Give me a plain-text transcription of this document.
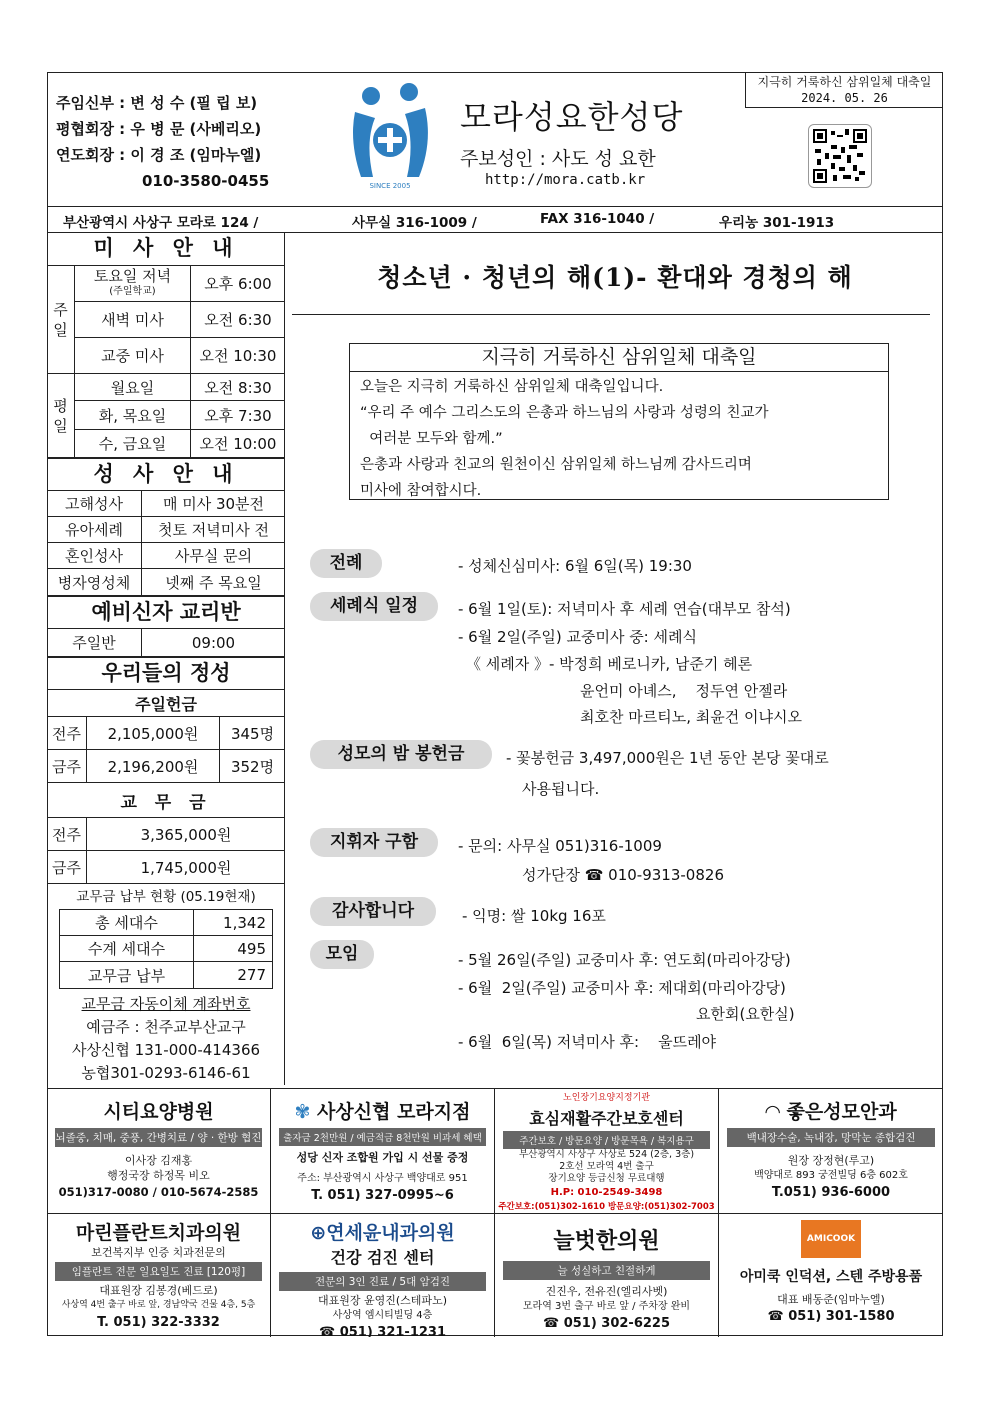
주임신부 : 변 성 수 (필 립 보)
평협회장 : 우 병 문 (사베리오)
연도회장 : 이 경 조 (임마누엘)
010-3580-0455	SINCE 2005
모라성요한성당
주보성인 : 사도 성 요한
http://mora.catb.kr
지극히 거룩하신 삼위일체 대축일
2024. 05. 26
부산광역시 사상구 모라로 124 /	사무실 316-1009 /	FAX 316-1040 /	우리농 301-1913
미 사 안 내
주
일
토요일 저녁
(주일학교)	오후 6:00
새벽 미사	오전 6:30
교중 미사	오전 10:30
평
일
월요일	오전 8:30
화, 목요일	오후 7:30
수, 금요일	오전 10:00
성 사 안 내
고해성사	매 미사 30분전
유아세례	첫토 저녁미사 전
혼인성사	사무실 문의
병자영성체	넷째 주 목요일
예비신자 교리반
주일반	09:00
우리들의 정성
주일헌금
전주	2,105,000원	345명
금주	2,196,200원	352명
교 무 금
전주	3,365,000원
금주	1,745,000원
교무금 납부 현황 (05.19현재)
총 세대수	1,342
수계 세대수	495
교무금 납부	277
교무금 자동이체 계좌번호
예금주 : 천주교부산교구
사상신협 131-000-414366
농협301-0293-6146-61
청소년 · 청년의 해(1)- 환대와 경청의 해
지극히 거룩하신 삼위일체 대축일
오늘은 지극히 거룩하신 삼위일체 대축일입니다.
“우리 주 예수 그리스도의 은총과 하느님의 사랑과 성령의 친교가
여러분 모두와 함께.”
은총과 사랑과 친교의 원천이신 삼위일체 하느님께 감사드리며
미사에 참여합시다.
전례	- 성체신심미사: 6월 6일(목) 19:30
세례식 일정	- 6월 1일(토): 저녁미사 후 세례 연습(대부모 참석)
- 6월 2일(주일) 교중미사 중: 세례식
《 세례자 》- 박정희 베로니카, 남준기 헤론
윤언미 아녜스,    정두연 안젤라
최호찬 마르티노, 최윤건 이냐시오
성모의 밤 봉헌금	- 꽃봉헌금 3,497,000원은 1년 동안 본당 꽃대로
사용됩니다.
지휘자 구함	- 문의: 사무실 051)316-1009
성가단장 ☎ 010-9313-0826
감사합니다	- 익명: 쌀 10kg 16포
모임	- 5월 26일(주일) 교중미사 후: 연도회(마리아강당)
- 6월  2일(주일) 교중미사 후: 제대회(마리아강당)
요한회(요한실)
- 6월  6일(목) 저녁미사 후:    울뜨레야
시티요양병원
뇌졸중, 치매, 중풍, 간병치료 / 양 · 한방 협진
이사장 김재홍
행정국장 하정목 비오
051)317-0080 / 010-5674-2585
✾ 사상신협 모라지점
출자금 2천만원 / 예금적금 8천만원 비과세 혜택
성당 신자 조합원 가입 시 선물 증정
주소: 부산광역시 사상구 백양대로 951
T. 051) 327-0995~6
노인장기요양지정기관
효심재활주간보호센터
주간보호 / 방문요양 / 방문목욕 / 복지용구
부산광역시 사상구 사상로 524 (2층, 3층)
2호선 모라역 4번 출구
장기요양 등급신청 무료대행
H.P: 010-2549-3498
주간보호:(051)302-1610 방문요양:(051)302-7003
◠ 좋은성모안과
백내장수술, 녹내장, 망막눈 종합검진
원장 장정현(루고)
백양대로 893 궁전빌딩 6층 602호
T.051) 936-6000
마린플란트치과의원
보건복지부 인증 치과전문의
임플란트 전문 일요일도 진료 [120평]
대표원장 김봉경(베드로)
사상역 4번 출구 바로 앞, 경남약국 건물 4층, 5층
T. 051) 322-3332
⊕연세윤내과의원
건강 검진 센터
전문의 3인 진료 / 5대 암검진
대표원장 윤영진(스테파노)
사상역 엠시티빌딩 4층
☎ 051) 321-1231
늘벗한의원
늘 성실하고 친절하게
진진우, 전유진(엘리사벳)
모라역 3번 출구 바로 앞 / 주차장 완비
☎ 051) 302-6225
AMICOOK
아미쿡 인덕션, 스텐 주방용품
대표 배동준(임마누엘)
☎ 051) 301-1580
